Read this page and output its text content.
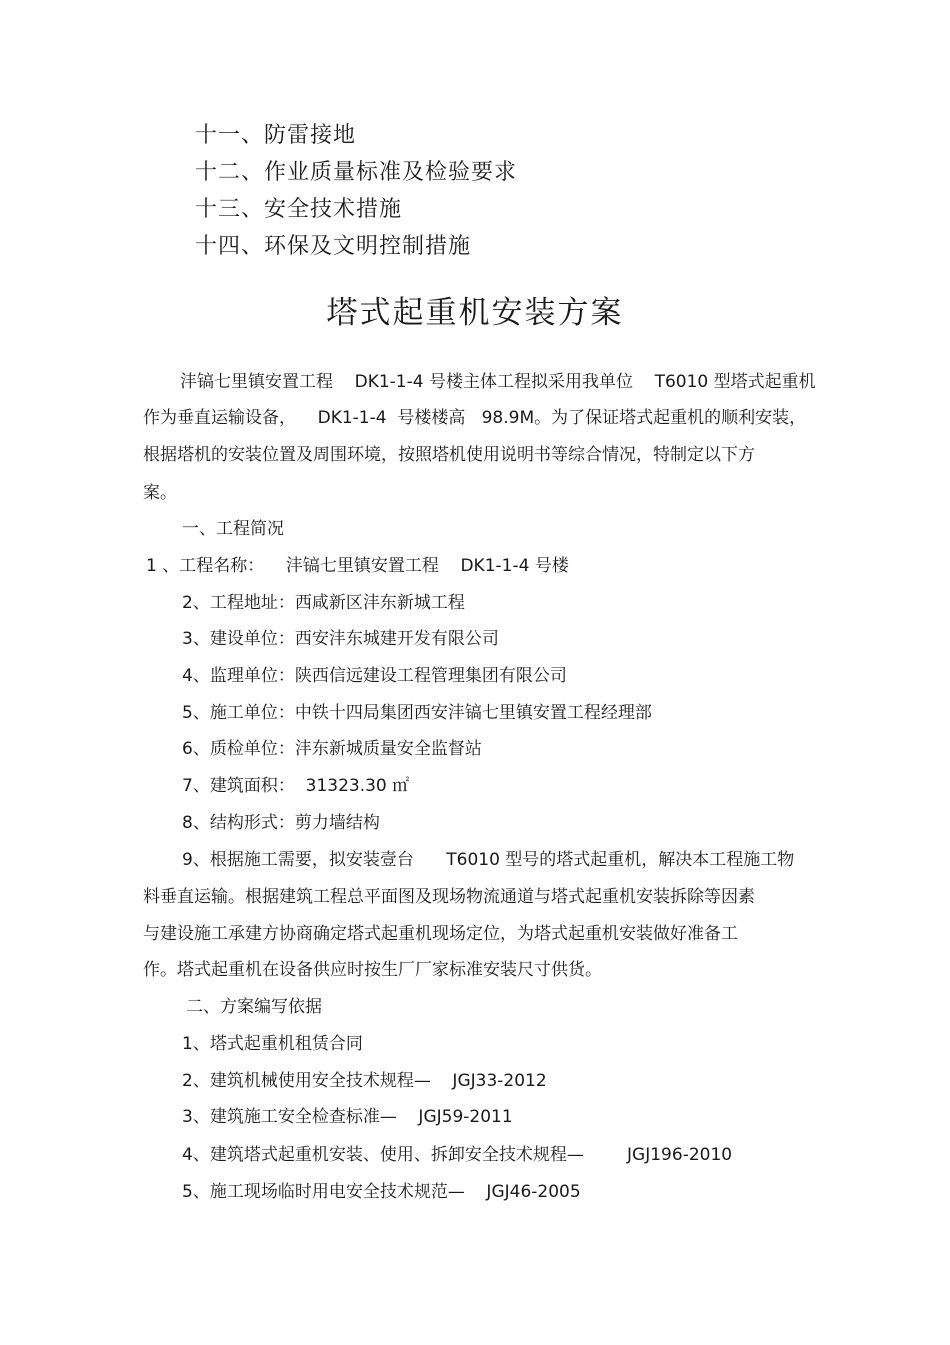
十一、防雷接地
十二、作业质量标准及检验要求
十三、安全技术措施
十四、环保及文明控制措施
塔式起重机安装方案
沣镐七里镇安置工程    DK1-1-4 号楼主体工程拟采用我单位    T6010 型塔式起重机
作为垂直运输设备，    DK1-1-4  号楼楼高   98.9M。为了保证塔式起重机的顺利安装，
根据塔机的安装位置及周围环境，按照塔机使用说明书等综合情况，特制定以下方
案。
一、工程简况
1 、工程名称：    沣镐七里镇安置工程    DK1-1-4 号楼
2、工程地址：西咸新区沣东新城工程
3、建设单位：西安沣东城建开发有限公司
4、监理单位：陕西信远建设工程管理集团有限公司
5、施工单位：中铁十四局集团西安沣镐七里镇安置工程经理部
6、质检单位：沣东新城质量安全监督站
7、建筑面积：  31323.30 ㎡
8、结构形式：剪力墙结构
9、根据施工需要，拟安装壹台      T6010 型号的塔式起重机，解决本工程施工物
料垂直运输。根据建筑工程总平面图及现场物流通道与塔式起重机安装拆除等因素
与建设施工承建方协商确定塔式起重机现场定位，为塔式起重机安装做好准备工
作。塔式起重机在设备供应时按生厂厂家标准安装尺寸供货。
二、方案编写依据
1、塔式起重机租赁合同
2、建筑机械使用安全技术规程—    JGJ33-2012
3、建筑施工安全检查标准—    JGJ59-2011
4、建筑塔式起重机安装、使用、拆卸安全技术规程—        JGJ196-2010
5、施工现场临时用电安全技术规范—    JGJ46-2005
